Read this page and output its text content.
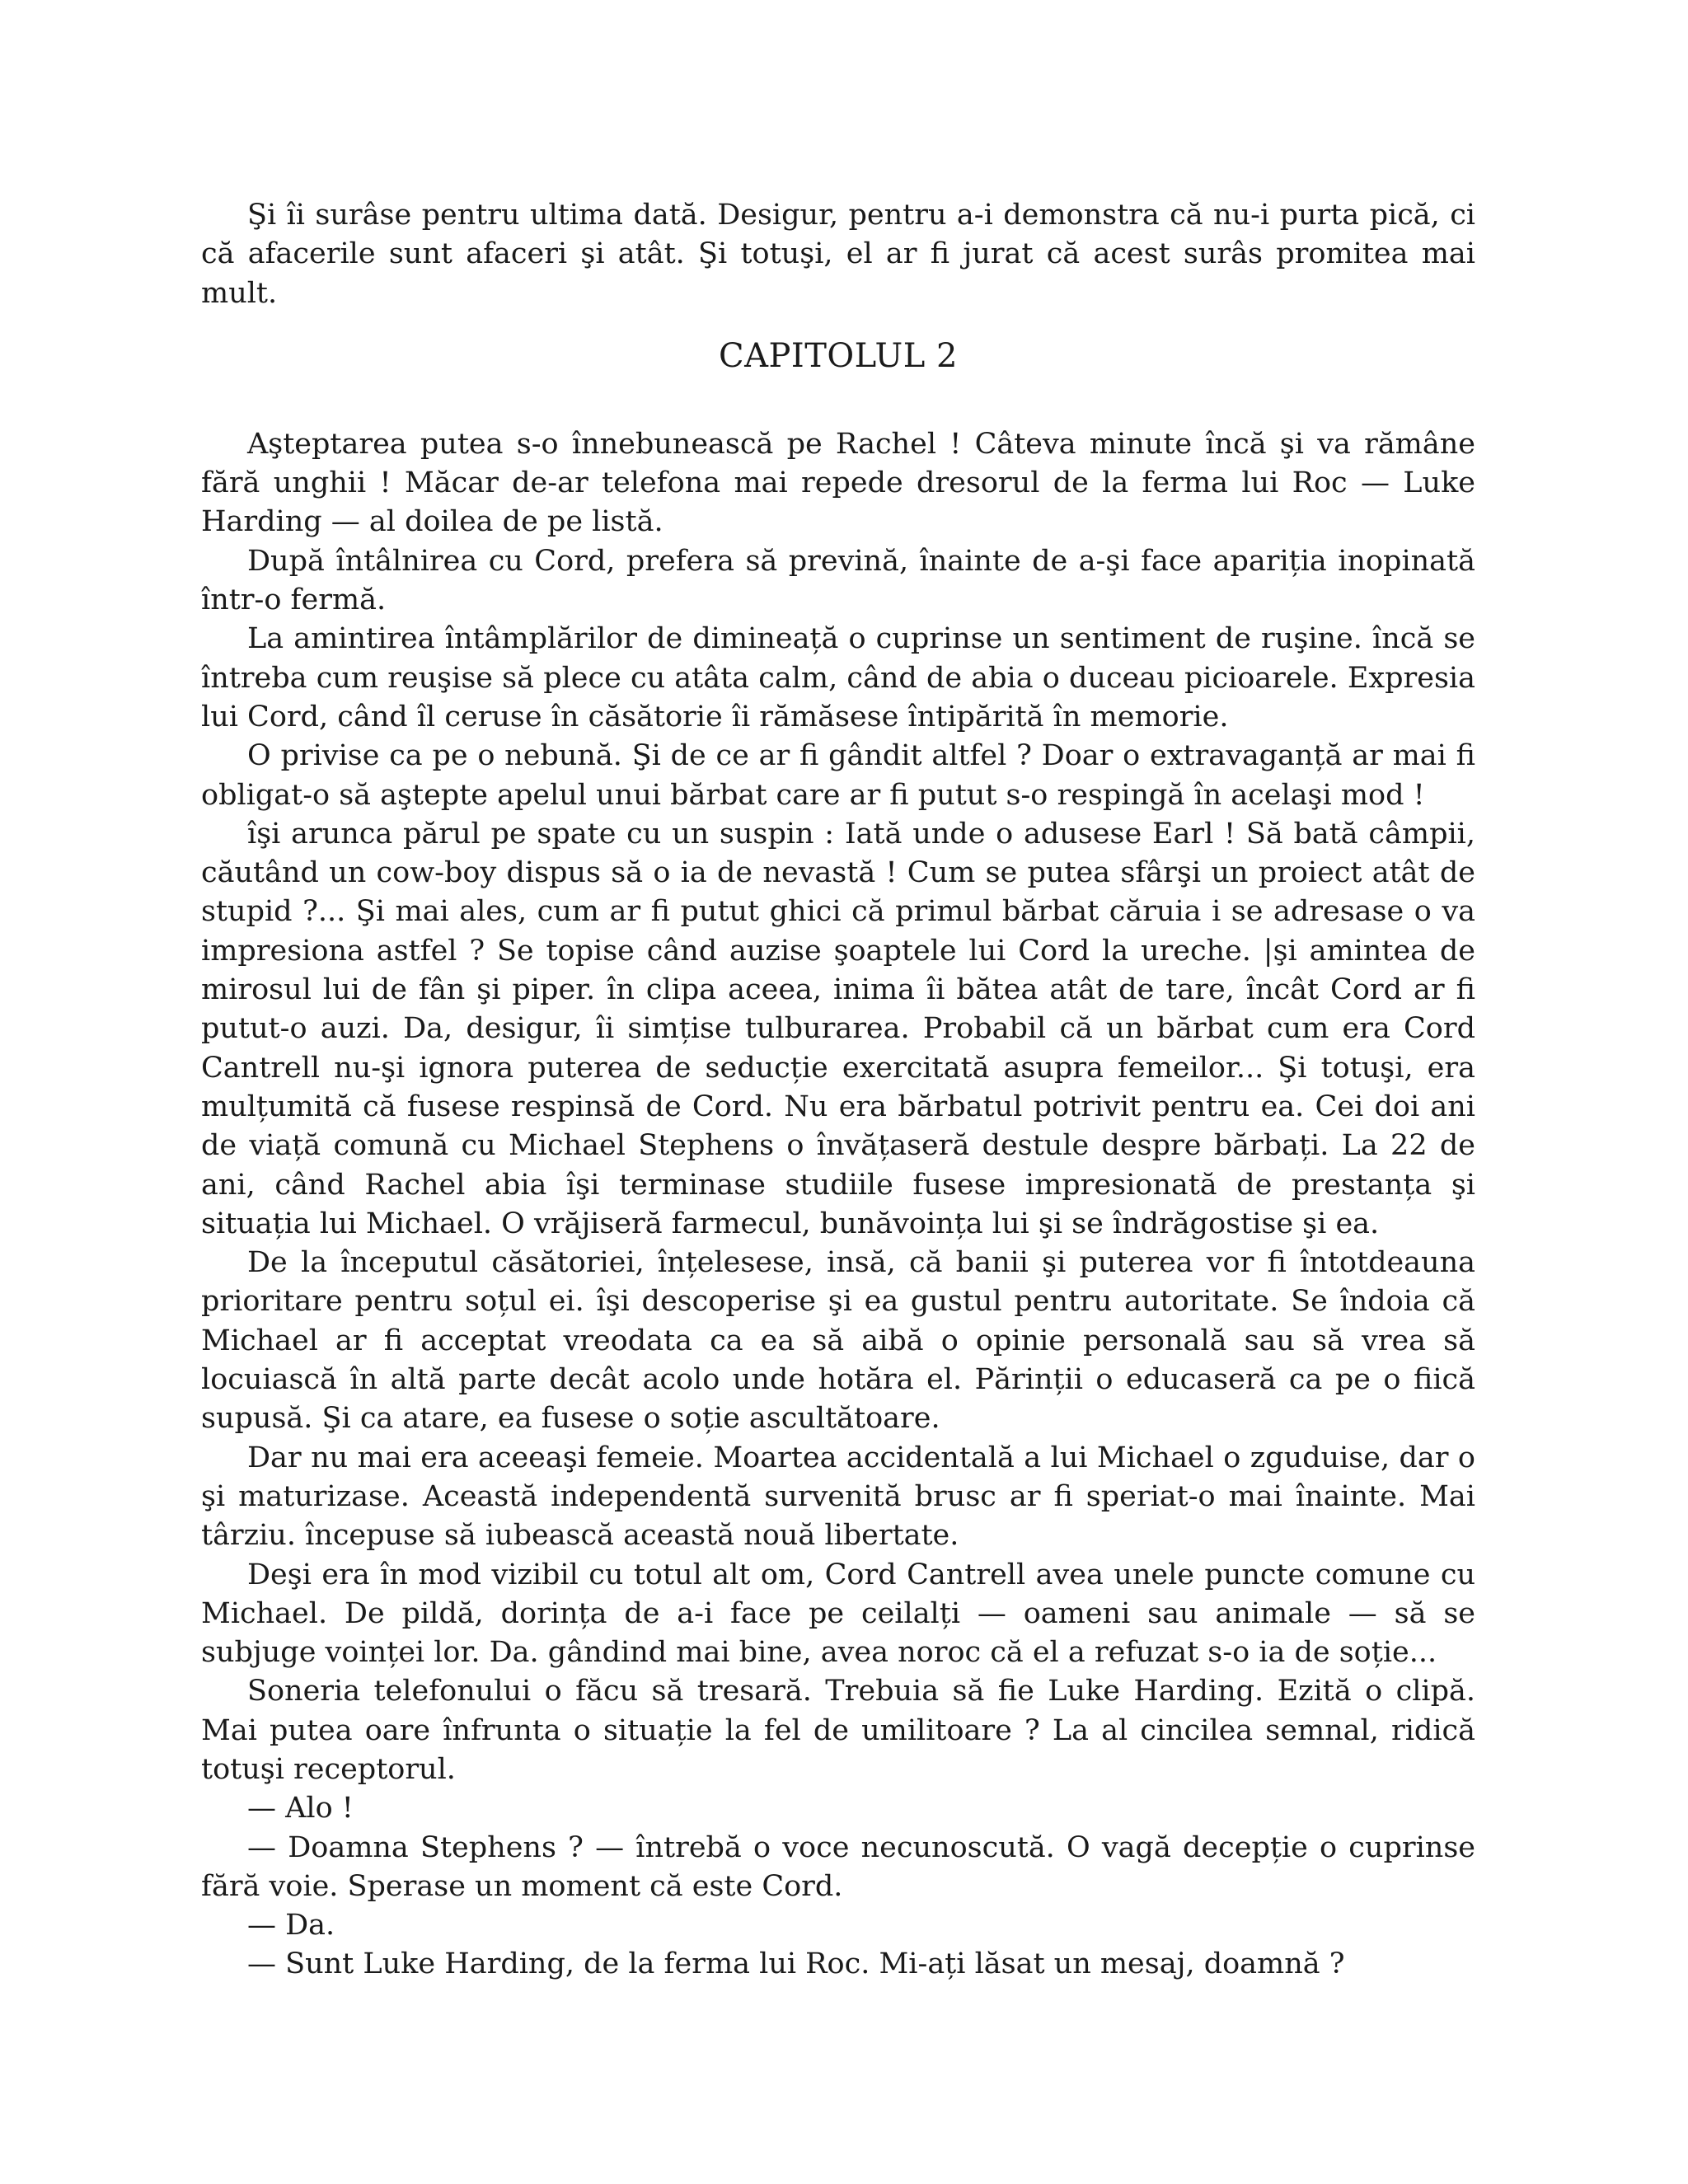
Şi îi surâse pentru ultima dată. Desigur, pentru a-i demonstra că nu-i purta pică, ci că afacerile sunt afaceri şi atât. Şi totuşi, el ar fi jurat că acest surâs promitea mai mult.

CAPITOLUL 2

Aşteptarea putea s-o înnebunească pe Rachel ! Câteva minute încă şi va rămâne fără unghii ! Măcar de-ar telefona mai repede dresorul de la ferma lui Roc — Luke Harding — al doilea de pe listă.

După întâlnirea cu Cord, prefera să prevină, înainte de a-şi face apariția inopinată într-o fermă.

La amintirea întâmplărilor de dimineață o cuprinse un sentiment de ruşine. încă se întreba cum reuşise să plece cu atâta calm, când de abia o duceau picioarele. Expresia lui Cord, când îl ceruse în căsătorie îi rămăsese întipărită în memorie.

O privise ca pe o nebună. Şi de ce ar fi gândit altfel ? Doar o extravaganță ar mai fi obligat-o să aştepte apelul unui bărbat care ar fi putut s-o respingă în acelaşi mod !

îşi arunca părul pe spate cu un suspin : Iată unde o adusese Earl ! Să bată câmpii, căutând un cow-boy dispus să o ia de nevastă ! Cum se putea sfârşi un proiect atât de stupid ?... Şi mai ales, cum ar fi putut ghici că primul bărbat căruia i se adresase o va impresiona astfel ? Se topise când auzise şoaptele lui Cord la ureche. |şi amintea de mirosul lui de fân şi piper. în clipa aceea, inima îi bătea atât de tare, încât Cord ar fi putut-o auzi. Da, desigur, îi simțise tulburarea. Probabil că un bărbat cum era Cord Cantrell nu-şi ignora puterea de seducție exercitată asupra femeilor... Şi totuşi, era mulțumită că fusese respinsă de Cord. Nu era bărbatul potrivit pentru ea. Cei doi ani de viață comună cu Michael Stephens o învățaseră destule despre bărbați. La 22 de ani, când Rachel abia îşi terminase studiile fusese impresionată de prestanța şi situația lui Michael. O vrăjiseră farmecul, bunăvoința lui şi se îndrăgostise şi ea.

De la începutul căsătoriei, înțelesese, insă, că banii şi puterea vor fi întotdeauna prioritare pentru soțul ei. îşi descoperise şi ea gustul pentru autoritate. Se îndoia că Michael ar fi acceptat vreodata ca ea să aibă o opinie personală sau să vrea să locuiască în altă parte decât acolo unde hotăra el. Părinții o educaseră ca pe o fiică supusă. Şi ca atare, ea fusese o soție ascultătoare.

Dar nu mai era aceeaşi femeie. Moartea accidentală a lui Michael o zguduise, dar o şi maturizase. Această independentă survenită brusc ar fi speriat-o mai înainte. Mai târziu. începuse să iubească această nouă libertate.

Deşi era în mod vizibil cu totul alt om, Cord Cantrell avea unele puncte comune cu Michael. De pildă, dorința de a-i face pe ceilalți — oameni sau animale — să se subjuge voinței lor. Da. gândind mai bine, avea noroc că el a refuzat s-o ia de soție...

Soneria telefonului o făcu să tresară. Trebuia să fie Luke Harding. Ezită o clipă. Mai putea oare înfrunta o situație la fel de umilitoare ? La al cincilea semnal, ridică totuşi receptorul.

— Alo !

— Doamna Stephens ? — întrebă o voce necunoscută. O vagă decepție o cuprinse fără voie. Sperase un moment că este Cord.

— Da.

— Sunt Luke Harding, de la ferma lui Roc. Mi-ați lăsat un mesaj, doamnă ?
